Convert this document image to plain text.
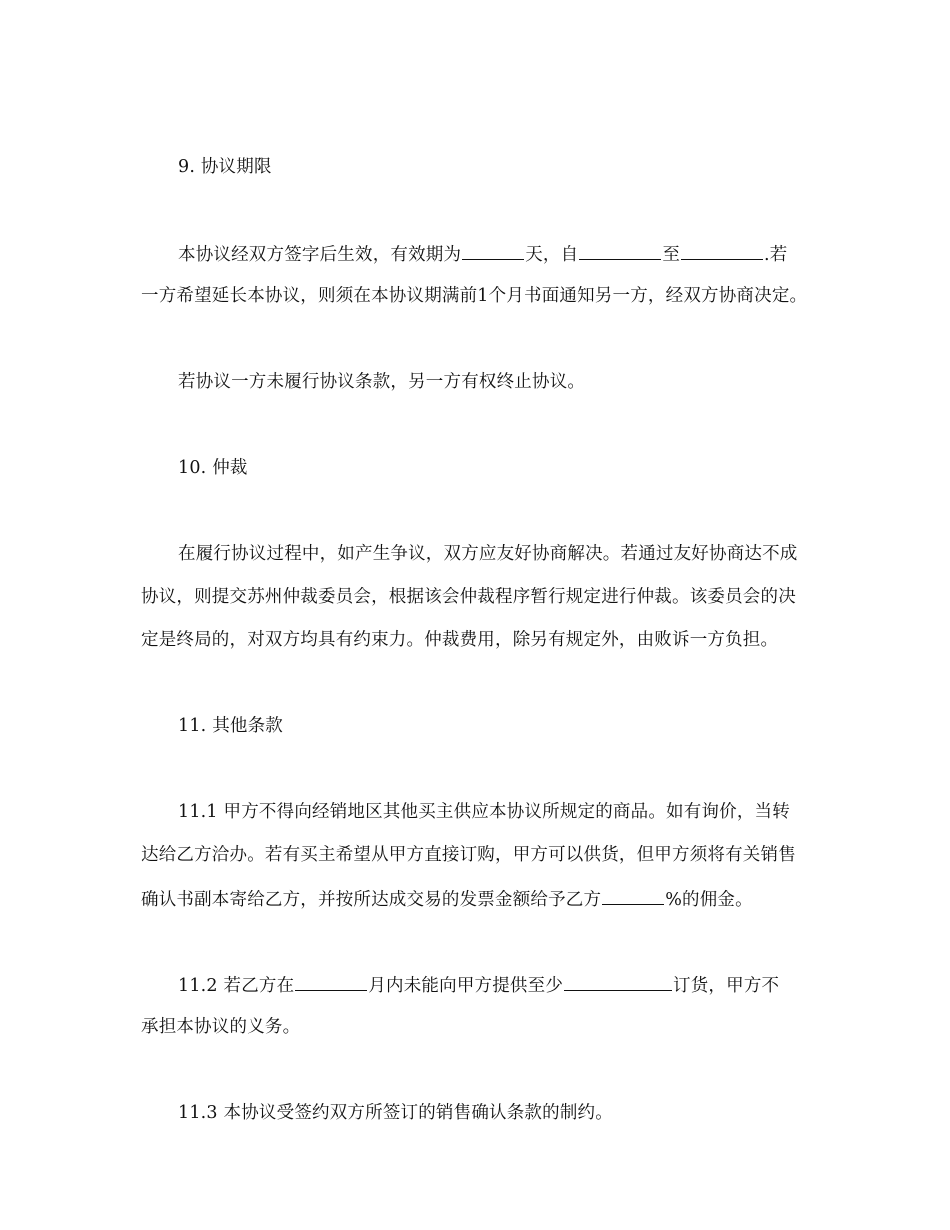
9. 协议期限
本协议经双方签字后生效，有效期为	天，自	至	.若
一方希望延长本协议，则须在本协议期满前1个月书面通知另一方，经双方协商决定。
若协议一方未履行协议条款，另一方有权终止协议。
10. 仲裁
在履行协议过程中，如产生争议，双方应友好协商解决。若通过友好协商达不成
协议，则提交苏州仲裁委员会，根据该会仲裁程序暂行规定进行仲裁。该委员会的决
定是终局的，对双方均具有约束力。仲裁费用，除另有规定外，由败诉一方负担。
11. 其他条款
11.1 甲方不得向经销地区其他买主供应本协议所规定的商品。如有询价，当转
达给乙方洽办。若有买主希望从甲方直接订购，甲方可以供货，但甲方须将有关销售
确认书副本寄给乙方，并按所达成交易的发票金额给予乙方	%的佣金。
11.2 若乙方在	月内未能向甲方提供至少	订货，甲方不
承担本协议的义务。
11.3 本协议受签约双方所签订的销售确认条款的制约。
